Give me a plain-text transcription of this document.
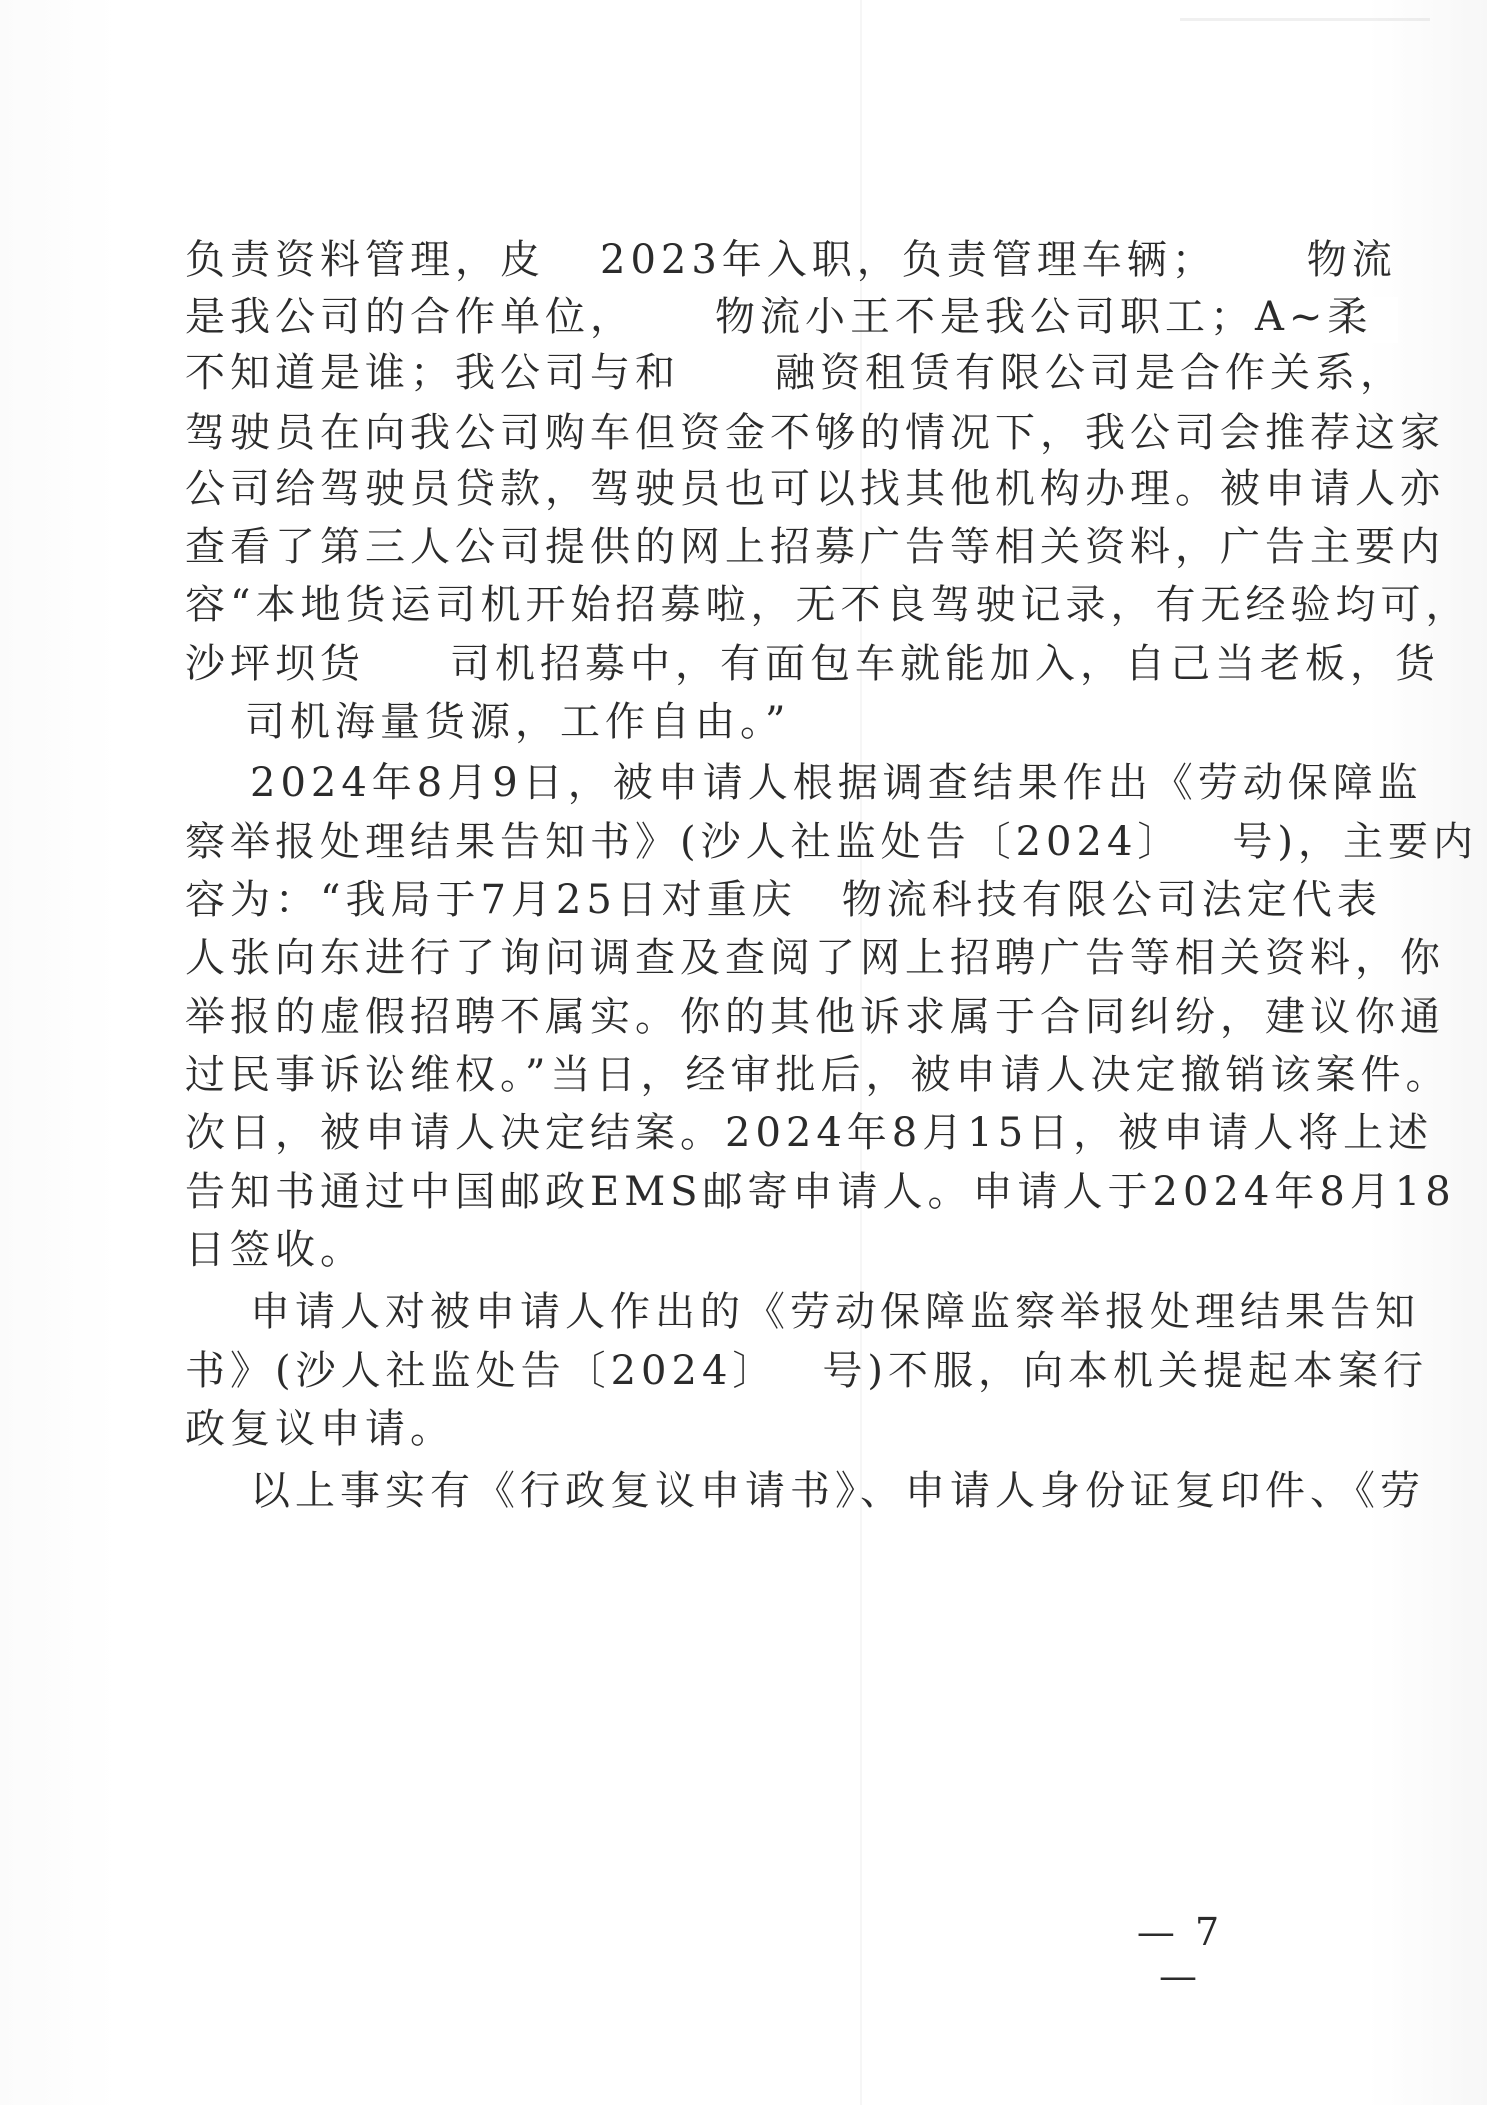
负责资料管理，皮 2023年入职，负责管理车辆； 物流
是我公司的合作单位， 物流小王不是我公司职工；A~柔
不知道是谁；我公司与和 融资租赁有限公司是合作关系，
驾驶员在向我公司购车但资金不够的情况下，我公司会推荐这家
公司给驾驶员贷款，驾驶员也可以找其他机构办理。被申请人亦
查看了第三人公司提供的网上招募广告等相关资料，广告主要内
容“本地货运司机开始招募啦，无不良驾驶记录，有无经验均可，
沙坪坝货 司机招募中，有面包车就能加入，自己当老板，货
司机海量货源，工作自由。”
2024年8月9日，被申请人根据调查结果作出《劳动保障监
察举报处理结果告知书》(沙人社监处告〔2024〕 号)，主要内
容为：“我局于7月25日对重庆 物流科技有限公司法定代表
人张向东进行了询问调查及查阅了网上招聘广告等相关资料，你
举报的虚假招聘不属实。你的其他诉求属于合同纠纷，建议你通
过民事诉讼维权。”当日，经审批后，被申请人决定撤销该案件。
次日，被申请人决定结案。2024年8月15日，被申请人将上述
告知书通过中国邮政EMS邮寄申请人。申请人于2024年8月18
日签收。
申请人对被申请人作出的《劳动保障监察举报处理结果告知
书》(沙人社监处告〔2024〕 号)不服，向本机关提起本案行
政复议申请。
以上事实有《行政复议申请书》、申请人身份证复印件、《劳
— 7 —
